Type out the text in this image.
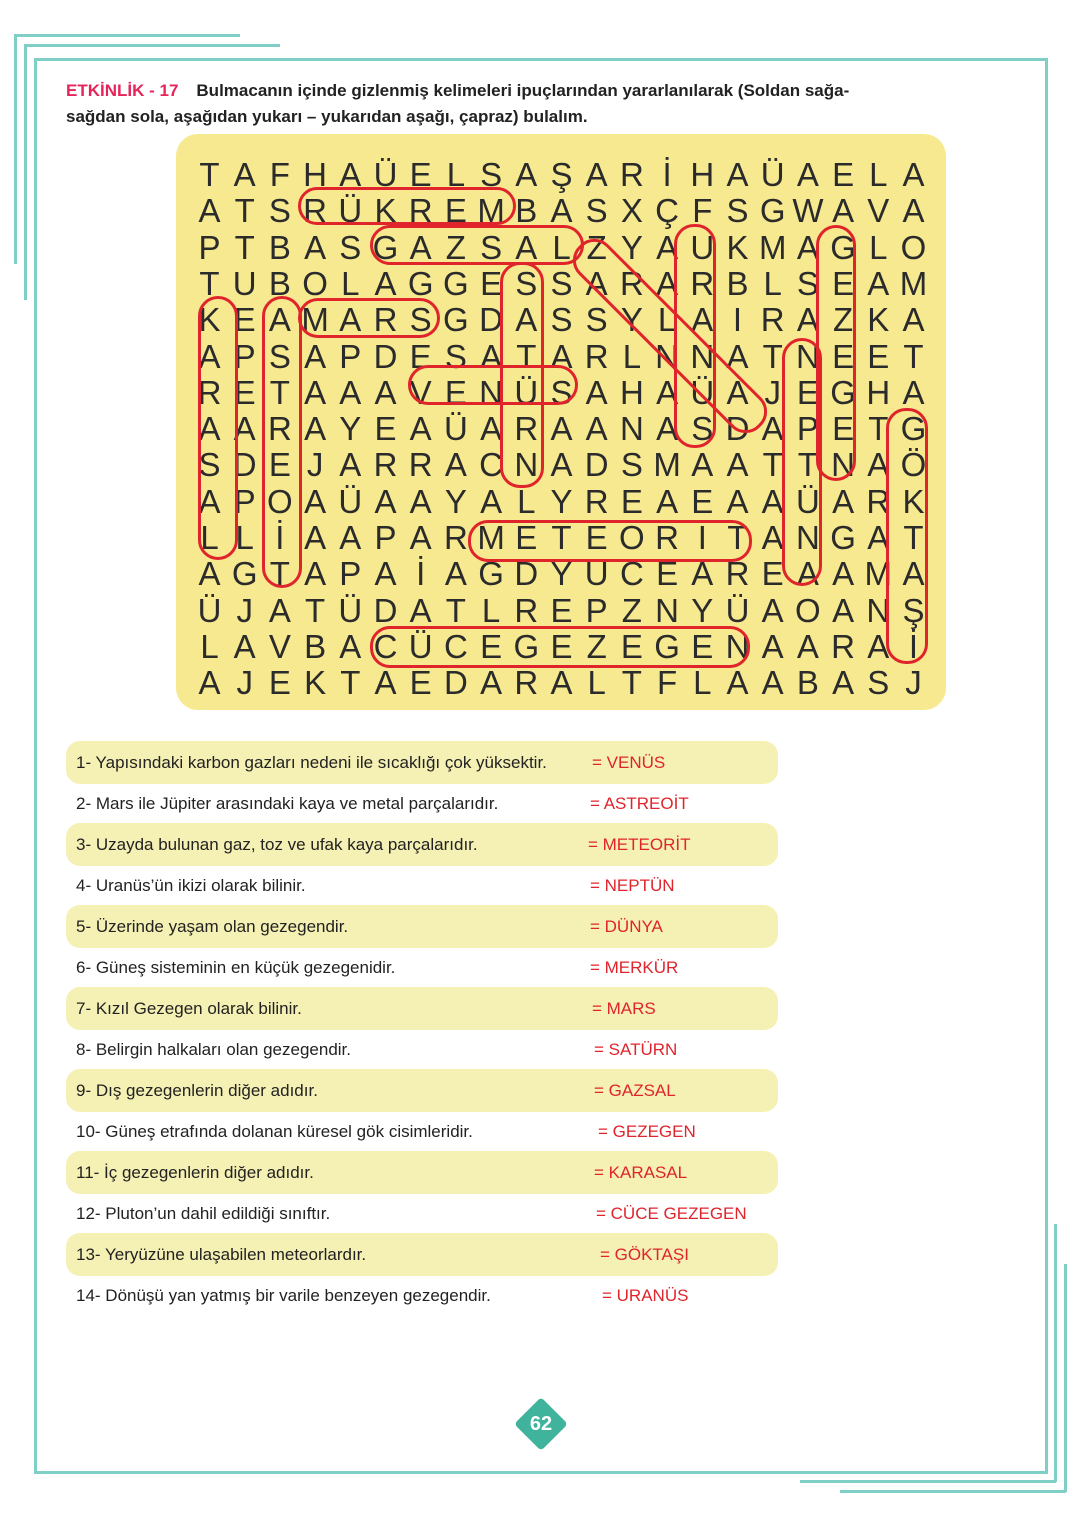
ETKİNLİK - 17 Bulmacanın içinde gizlenmiş kelimeleri ipuçlarından yararlanılarak (Soldan sağa-
sağdan sola, aşağıdan yukarı – yukarıdan aşağı, çapraz) bulalım.
T A F H A Ü E L S A Ş A R İ H A Ü A E L A
A T S R Ü K R E M B A S X Ç F S G W A V A
P T B A S G A Z S A L Z Y A U K M A G L O
T U B O L A G G E S S A R A R B L S E A M
K E A M A R S G D A S S Y L A I R A Z K A
A P S A P D E S A T A R L N N A T N E E T
R E T A A A V E N Ü S A H A Ü A J E G H A
A A R A Y E A Ü A R A A N A S D A P E T G
S D E J A R R A C N A D S M A A T T N A Ö
A P O A Ü A A Y A L Y R E A E A A Ü A R K
L L İ A A P A R M E T E O R İ T A N G A T
A G T A P A İ A G D Y U C E A R E A A M A
Ü J A T Ü D A T L R E P Z N Y Ü A O A N Ş
L A V B A C Ü C E G E Z E G E N A A R A İ
A J E K T A E D A R A L T F L A A B A S J
1- Yapısındaki karbon gazları nedeni ile sıcaklığı çok yüksektir.	= VENÜS
2- Mars ile Jüpiter arasındaki kaya ve metal parçalarıdır.	= ASTREOİT
3- Uzayda bulunan gaz, toz ve ufak kaya parçalarıdır.	= METEORİT
4- Uranüs’ün ikizi olarak bilinir.	= NEPTÜN
5- Üzerinde yaşam olan gezegendir.	= DÜNYA
6- Güneş sisteminin en küçük gezegenidir.	= MERKÜR
7- Kızıl Gezegen olarak bilinir.	= MARS
8- Belirgin halkaları olan gezegendir.	= SATÜRN
9- Dış gezegenlerin diğer adıdır.	= GAZSAL
10- Güneş etrafında dolanan küresel gök cisimleridir.	= GEZEGEN
11- İç gezegenlerin diğer adıdır.	= KARASAL
12- Pluton’un dahil edildiği sınıftır.	= CÜCE GEZEGEN
13- Yeryüzüne ulaşabilen meteorlardır.	= GÖKTAŞI
14- Dönüşü yan yatmış bir varile benzeyen gezegendir.	= URANÜS
62
